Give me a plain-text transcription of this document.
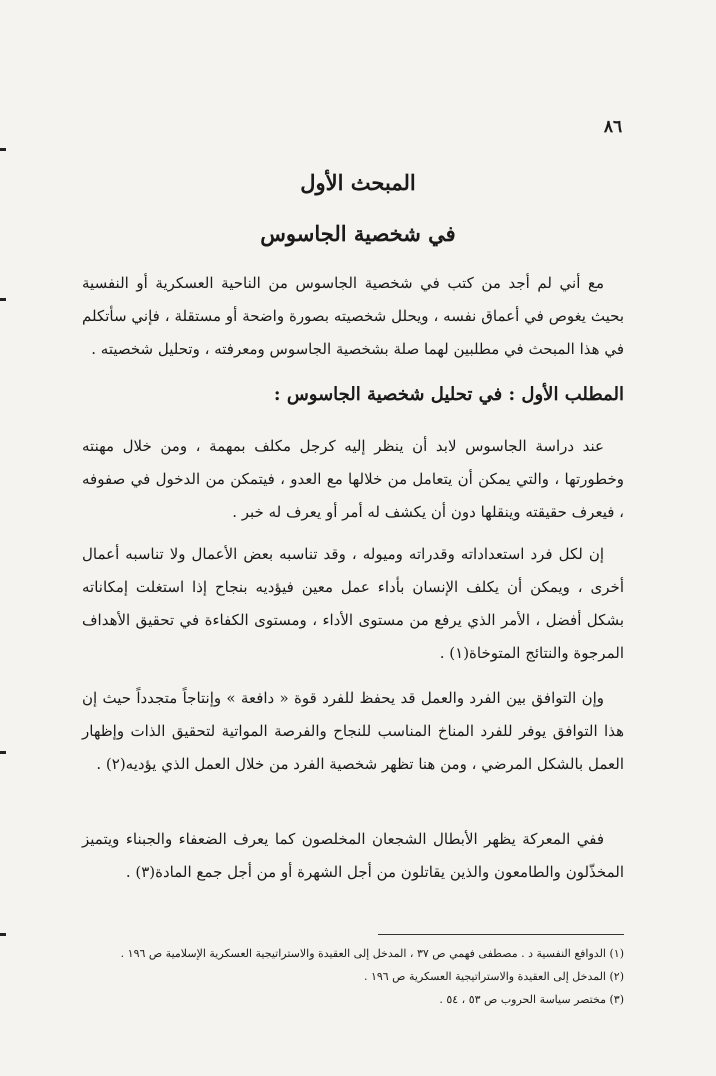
٨٦
المبحث الأول
في شخصية الجاسوس
مع أني لم أجد من كتب في شخصية الجاسوس من الناحية العسكرية أو النفسية بحيث يغوص في أعماق نفسه ، ويحلل شخصيته بصورة واضحة أو مستقلة ، فإني سأتكلم في هذا المبحث في مطلبين لهما صلة بشخصية الجاسوس ومعرفته ، وتحليل شخصيته .
المطلب الأول : في تحليل شخصية الجاسوس :
عند دراسة الجاسوس لابد أن ينظر إليه كرجل مكلف بمهمة ، ومن خلال مهنته وخطورتها ، والتي يمكن أن يتعامل من خلالها مع العدو ، فيتمكن من الدخول في صفوفه ، فيعرف حقيقته وينقلها دون أن يكشف له أمر أو يعرف له خبر .
إن لكل فرد استعداداته وقدراته وميوله ، وقد تناسبه بعض الأعمال ولا تناسبه أعمال أخرى ، ويمكن أن يكلف الإنسان بأداء عمل معين فيؤديه بنجاح إذا استغلت إمكاناته بشكل أفضل ، الأمر الذي يرفع من مستوى الأداء ، ومستوى الكفاءة في تحقيق الأهداف المرجوة والنتائج المتوخاة(١) .
وإن التوافق بين الفرد والعمل قد يحفظ للفرد قوة « دافعة » وإنتاجاً متجدداً حيث إن هذا التوافق يوفر للفرد المناخ المناسب للنجاح والفرصة المواتية لتحقيق الذات وإظهار العمل بالشكل المرضي ، ومن هنا تظهر شخصية الفرد من خلال العمل الذي يؤديه(٢) .
ففي المعركة يظهر الأبطال الشجعان المخلصون كما يعرف الضعفاء والجبناء ويتميز المخذّلون والطامعون والذين يقاتلون من أجل الشهرة أو من أجل جمع المادة(٣) .
(١) الدوافع النفسية د . مصطفى فهمي ص ٣٧ ، المدخل إلى العقيدة والاستراتيجية العسكرية الإسلامية ص ١٩٦ .
(٢) المدخل إلى العقيدة والاستراتيجية العسكرية ص ١٩٦ .
(٣) مختصر سياسة الحروب ص ٥٣ ، ٥٤ .
